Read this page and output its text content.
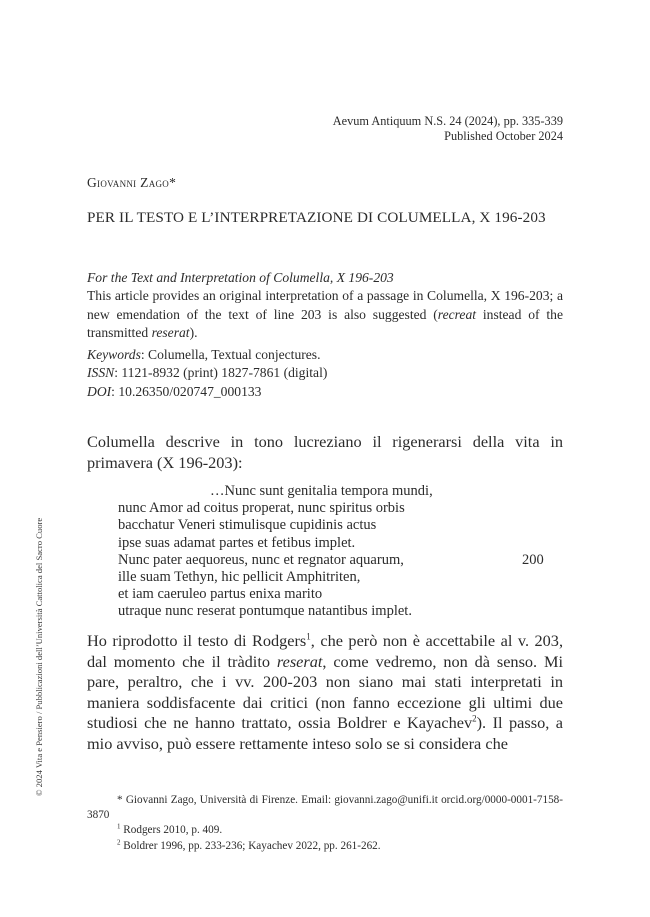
Aevum Antiquum N.S. 24 (2024), pp. 335-339
Published October 2024
Giovanni Zago*
PER IL TESTO E L’INTERPRETAZIONE DI COLUMELLA, X 196-203
For the Text and Interpretation of Columella, X 196-203

This article provides an original interpretation of a passage in Columella, X 196-203; a new emendation of the text of line 203 is also suggested (recreat instead of the transmitted reserat).

Keywords: Columella, Textual conjectures.
ISSN: 1121-8932 (print) 1827-7861 (digital)
DOI: 10.26350/020747_000133
Columella descrive in tono lucreziano il rigenerarsi della vita in primavera (X 196-203):
…Nunc sunt genitalia tempora mundi,
nunc Amor ad coitus properat, nunc spiritus orbis
bacchatur Veneri stimulisque cupidinis actus
ipse suas adamat partes et fetibus implet.
Nunc pater aequoreus, nunc et regnator aquarum,	200
ille suam Tethyn, hic pellicit Amphitriten,
et iam caeruleo partus enixa marito
utraque nunc reserat pontumque natantibus implet.
Ho riprodotto il testo di Rodgers$^1$, che però non è accettabile al v. 203, dal momento che il tràdito reserat, come vedremo, non dà senso. Mi pare, peraltro, che i vv. 200-203 non siano mai stati interpretati in maniera soddisfacente dai critici (non fanno eccezione gli ultimi due studiosi che ne hanno trattato, ossia Boldrer e Kayachev$^2$). Il passo, a mio avviso, può essere rettamente inteso solo se si considera che

* Giovanni Zago, Università di Firenze. Email: giovanni.zago@unifi.it orcid.org/0000-0001-7158-3870

$^1$ Rodgers 2010, p. 409.

$^2$ Boldrer 1996, pp. 233-236; Kayachev 2022, pp. 261-262.

© 2024 Vita e Pensiero / Pubblicazioni dell’Università Cattolica del Sacro Cuore
